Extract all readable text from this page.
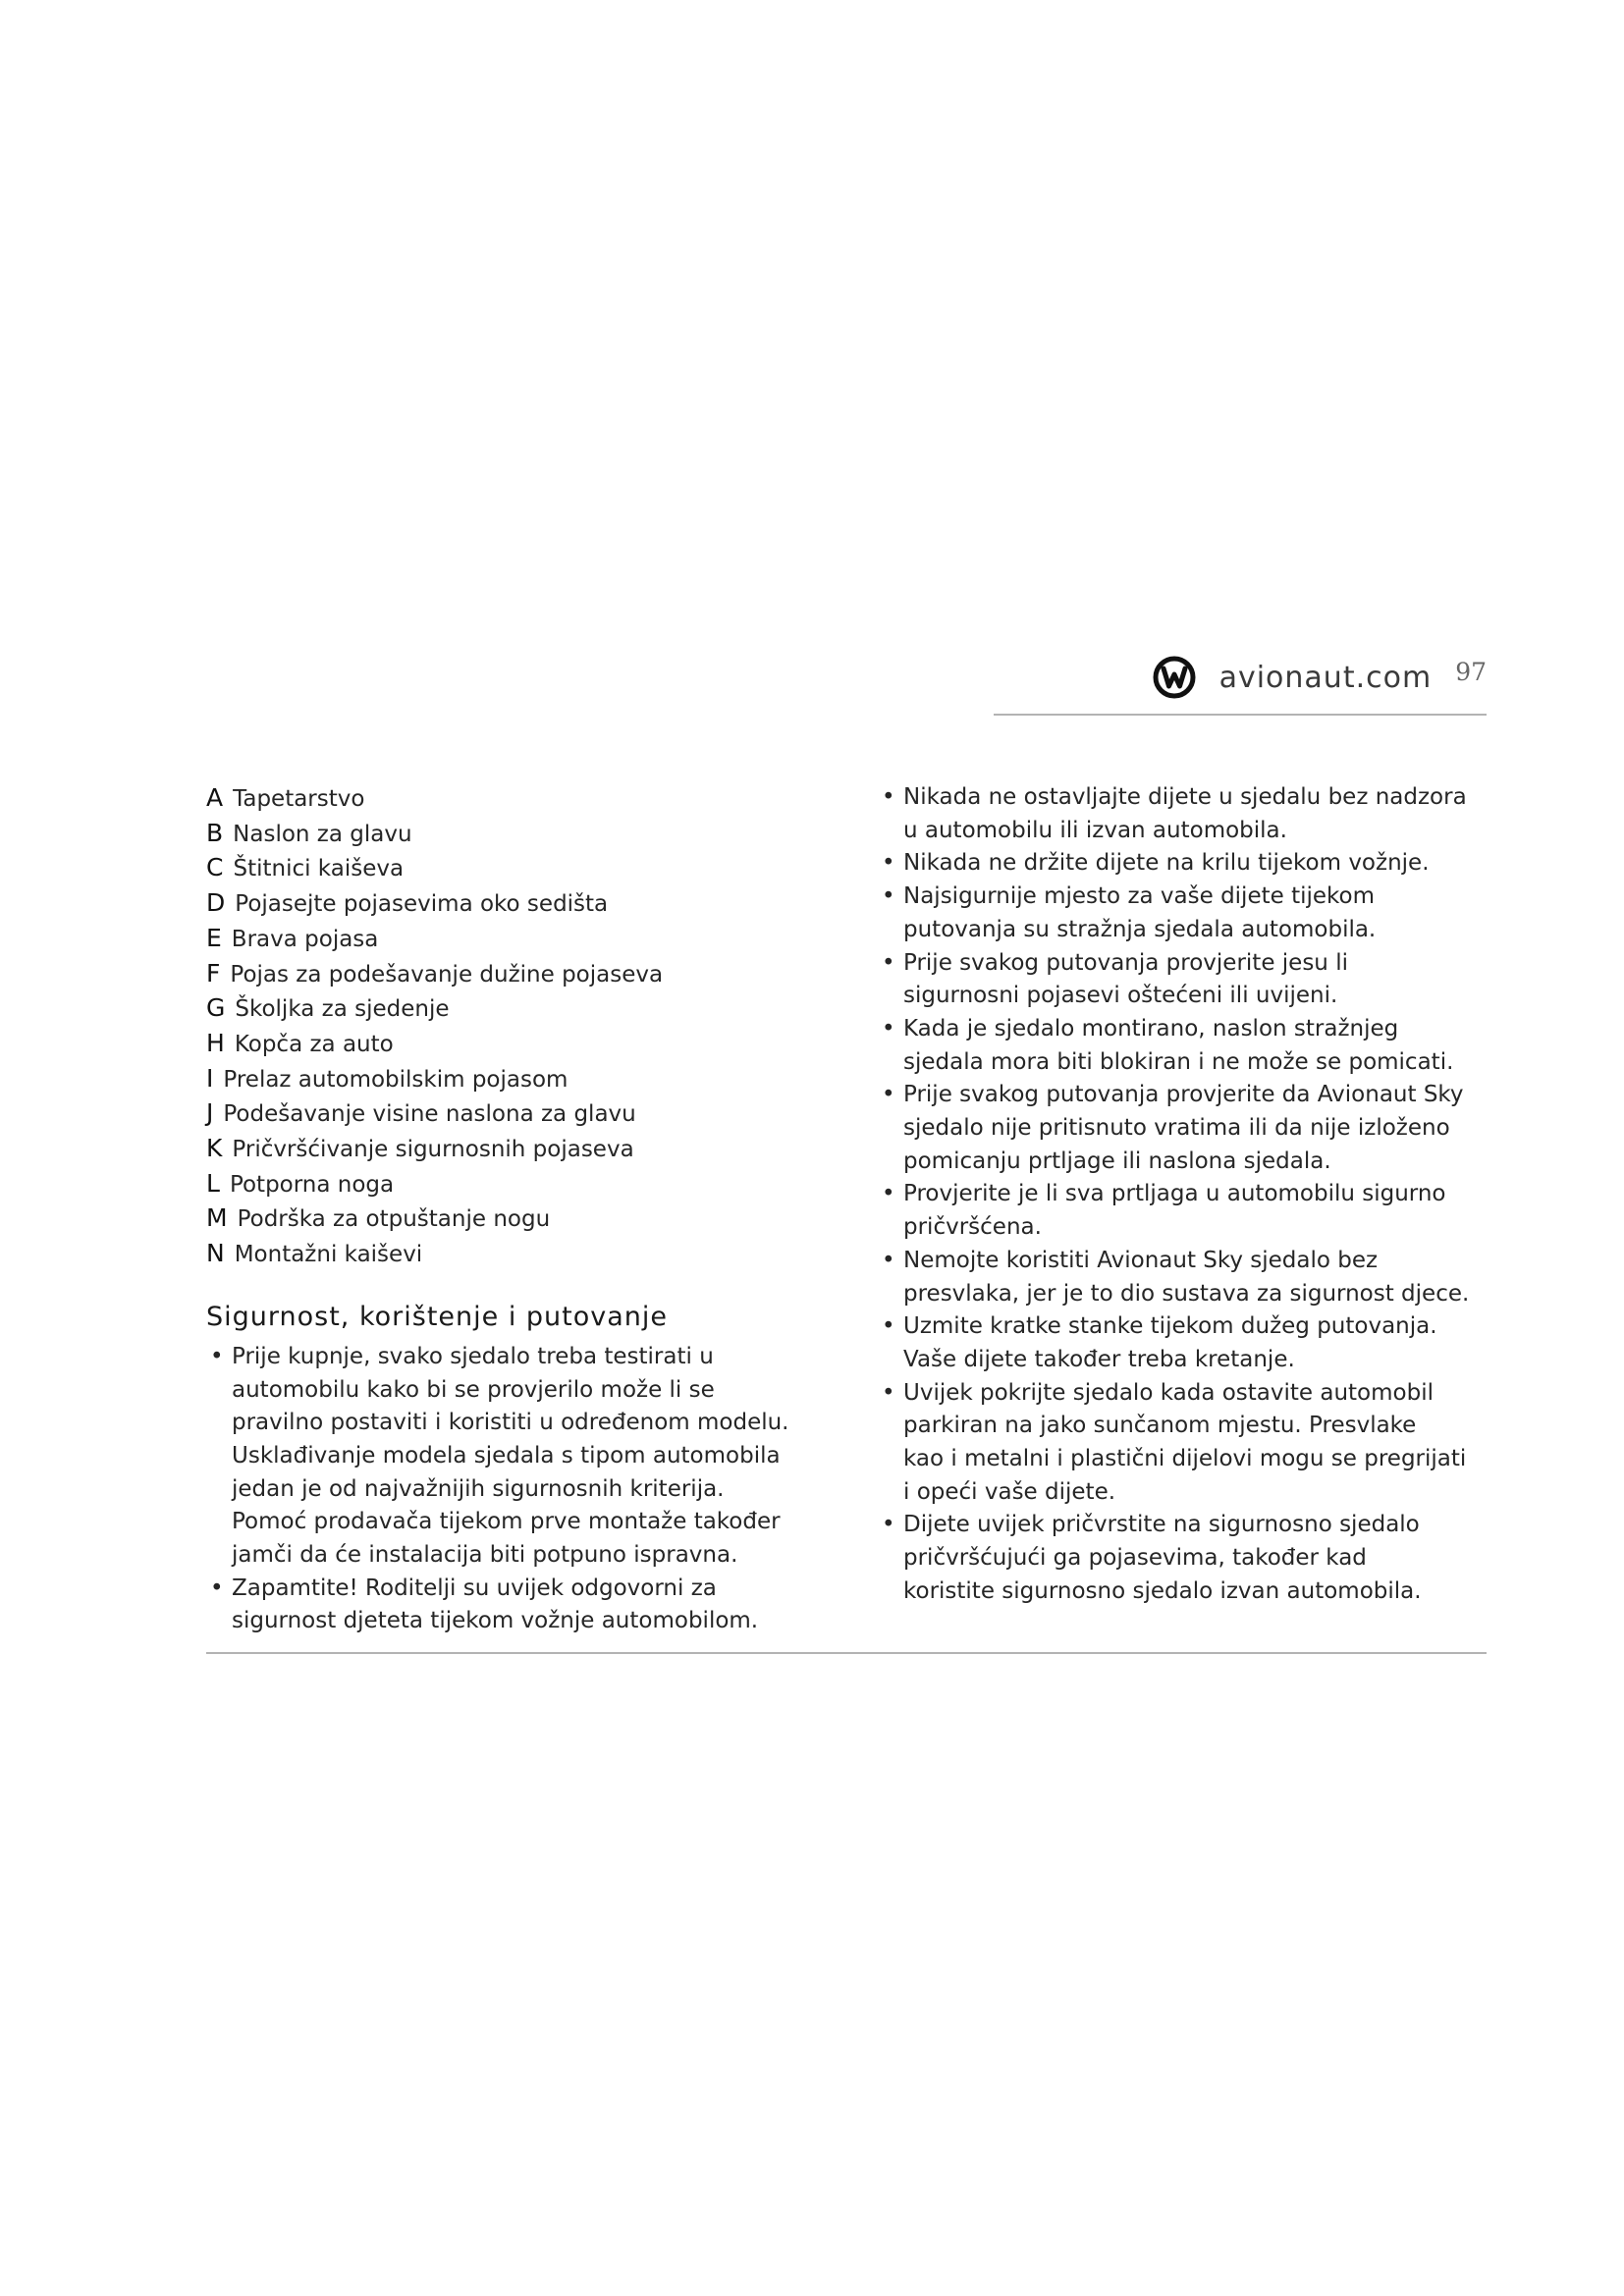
avionaut.com 97
A Tapetarstvo
B Naslon za glavu
C Štitnici kaiševa
D Pojasejte pojasevima oko sedišta
E Brava pojasa
F Pojas za podešavanje dužine pojaseva
G Školjka za sjedenje
H Kopča za auto
I Prelaz automobilskim pojasom
J Podešavanje visine naslona za glavu
K Pričvršćivanje sigurnosnih pojaseva
L Potporna noga
M Podrška za otpuštanje nogu
N Montažni kaiševi
Sigurnost, korištenje i putovanje
• Prije kupnje, svako sjedalo treba testirati u
automobilu kako bi se provjerilo može li se
pravilno postaviti i koristiti u određenom modelu.
Usklađivanje modela sjedala s tipom automobila
jedan je od najvažnijih sigurnosnih kriterija.
Pomoć prodavača tijekom prve montaže također
jamči da će instalacija biti potpuno ispravna.
• Zapamtite! Roditelji su uvijek odgovorni za
sigurnost djeteta tijekom vožnje automobilom.
• Nikada ne ostavljajte dijete u sjedalu bez nadzora
u automobilu ili izvan automobila.
• Nikada ne držite dijete na krilu tijekom vožnje.
• Najsigurnije mjesto za vaše dijete tijekom
putovanja su stražnja sjedala automobila.
• Prije svakog putovanja provjerite jesu li
sigurnosni pojasevi oštećeni ili uvijeni.
• Kada je sjedalo montirano, naslon stražnjeg
sjedala mora biti blokiran i ne može se pomicati.
• Prije svakog putovanja provjerite da Avionaut Sky
sjedalo nije pritisnuto vratima ili da nije izloženo
pomicanju prtljage ili naslona sjedala.
• Provjerite je li sva prtljaga u automobilu sigurno
pričvršćena.
• Nemojte koristiti Avionaut Sky sjedalo bez
presvlaka, jer je to dio sustava za sigurnost djece.
• Uzmite kratke stanke tijekom dužeg putovanja.
Vaše dijete također treba kretanje.
• Uvijek pokrijte sjedalo kada ostavite automobil
parkiran na jako sunčanom mjestu. Presvlake
kao i metalni i plastični dijelovi mogu se pregrijati
i opeći vaše dijete.
• Dijete uvijek pričvrstite na sigurnosno sjedalo
pričvršćujući ga pojasevima, također kad
koristite sigurnosno sjedalo izvan automobila.
